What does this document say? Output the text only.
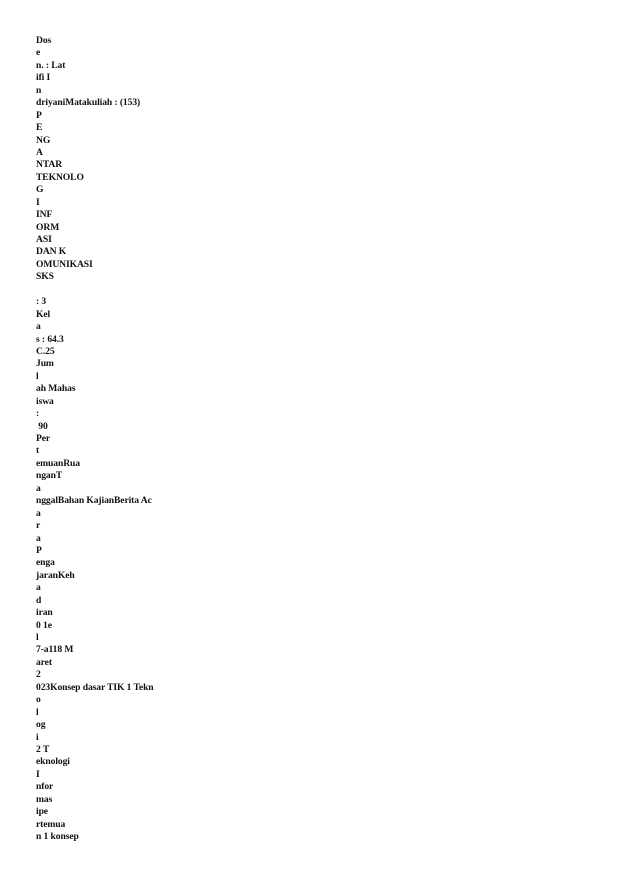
Dos
e
n. : Lat
ifi I
n
driyaniMatakuliah : (153)
P
E
NG
A
NTAR
TEKNOLO
G
I
INF
ORM
ASI
DAN K
OMUNIKASI
SKS
: 3
Kel
a
s : 64.3
C.25
Jum
l
ah Mahas
iswa
:
90
Per
t
emuanRua
nganT
a
nggalBahan KajianBerita Ac
a
r
a
P
enga
jaranKeh
a
d
iran
0 1e
l
7-a118 M
aret
2
023Konsep dasar TIK 1 Tekn
o
l
og
i
2 T
eknologi
I
nfor
mas
ipe
rtemua
n 1 konsep
